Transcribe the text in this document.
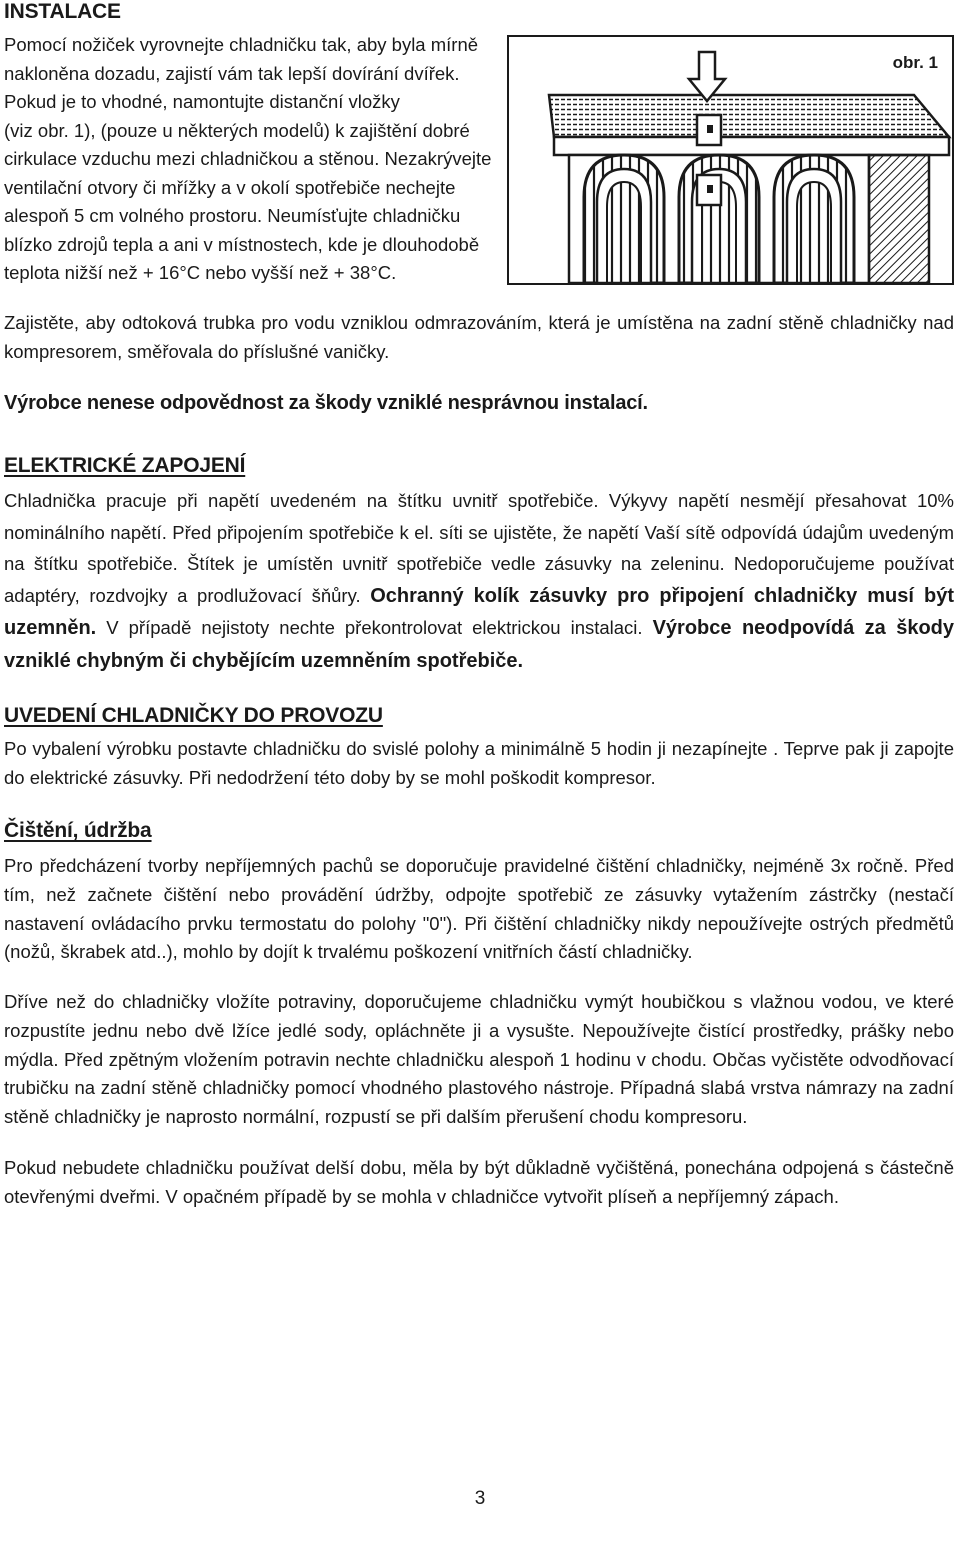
INSTALACE

Pomocí nožiček vyrovnejte chladničku tak, aby byla mírně

nakloněna dozadu, zajistí vám tak lepší dovírání dvířek.

Pokud je to vhodné, namontujte distanční vložky

(viz obr. 1), (pouze u některých modelů) k zajištění dobré

cirkulace vzduchu mezi chladničkou a stěnou. Nezakrývejte

ventilační otvory či mřížky a v okolí spotřebiče nechejte

alespoň 5 cm volného prostoru. Neumísťujte chladničku

blízko zdrojů tepla a ani v místnostech, kde je dlouhodobě

teplota nižší než + 16°C nebo vyšší než + 38°C.

obr. 1

Zajistěte, aby odtoková trubka pro vodu vzniklou odmrazováním, která je umístěna na zadní stěně chladničky nad kompresorem, směřovala do příslušné vaničky.

Výrobce nenese odpovědnost za škody vzniklé nesprávnou instalací.

ELEKTRICKÉ ZAPOJENÍ

Chladnička pracuje při napětí uvedeném na štítku uvnitř spotřebiče. Výkyvy napětí nesmějí přesahovat 10% nominálního napětí. Před připojením spotřebiče k el. síti se ujistěte, že napětí Vaší sítě odpovídá údajům uvedeným na štítku spotřebiče. Štítek je umístěn uvnitř spotřebiče vedle zásuvky na zeleninu. Nedoporučujeme používat adaptéry, rozdvojky a prodlužovací šňůry. Ochranný kolík zásuvky pro připojení chladničky musí být uzemněn. V případě nejistoty nechte překontrolovat elektrickou instalaci. Výrobce neodpovídá za škody vzniklé chybným či chybějícím uzemněním spotřebiče.

UVEDENÍ CHLADNIČKY DO PROVOZU

Po vybalení výrobku postavte chladničku do svislé polohy a minimálně 5 hodin ji nezapínejte . Teprve pak ji zapojte do elektrické zásuvky. Při nedodržení této doby by se mohl poškodit kompresor.

Čištění, údržba

Pro předcházení tvorby nepříjemných pachů se doporučuje pravidelné čištění chladničky, nejméně 3x ročně. Před tím, než začnete čištění nebo provádění údržby, odpojte spotřebič ze zásuvky vytažením zástrčky (nestačí nastavení ovládacího prvku termostatu do polohy "0"). Při čištění chladničky nikdy nepoužívejte ostrých předmětů (nožů, škrabek atd..), mohlo by dojít k trvalému poškození vnitřních částí chladničky.

Dříve než do chladničky vložíte potraviny, doporučujeme chladničku vymýt houbičkou s vlažnou vodou, ve které rozpustíte jednu nebo dvě lžíce jedlé sody, opláchněte ji a vysušte. Nepoužívejte čistící prostředky, prášky nebo mýdla. Před zpětným vložením potravin nechte chladničku alespoň 1 hodinu v chodu. Občas vyčistěte odvodňovací trubičku na zadní stěně chladničky pomocí vhodného plastového nástroje. Případná slabá vrstva námrazy na zadní stěně chladničky je naprosto normální, rozpustí se při dalším přerušení chodu kompresoru.

Pokud nebudete chladničku používat delší dobu, měla by být důkladně vyčištěná, ponechána odpojená s částečně otevřenými dveřmi. V opačném případě by se mohla v chladničce vytvořit plíseň a nepříjemný zápach.

3
